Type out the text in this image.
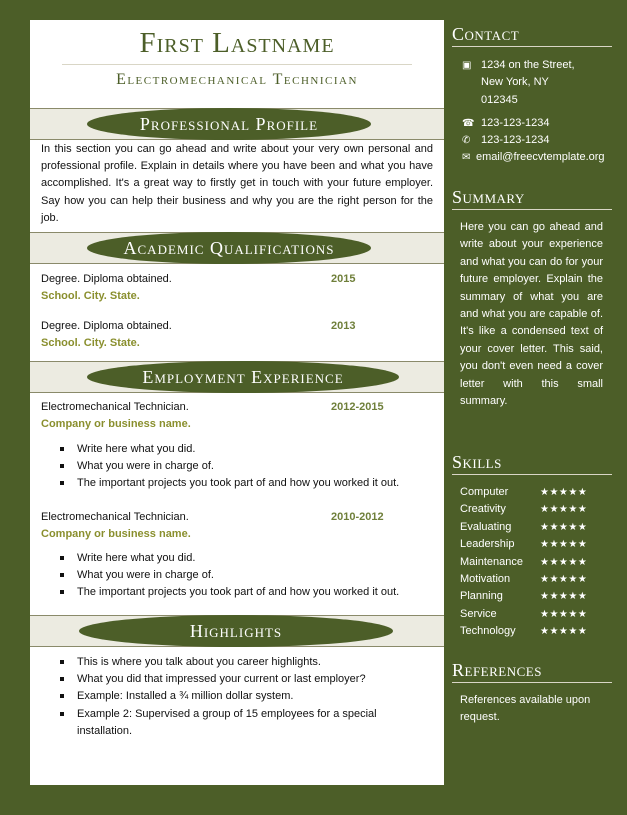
First Lastname
Electromechanical Technician
Professional Profile
In this section you can go ahead and write about your very own personal and professional profile. Explain in details where you have been and what you have accomplished. It's a great way to firstly get in touch with your future employer. Say how you can help their business and why you are the right person for the job.
Academic Qualifications
Degree. Diploma obtained.	2015
School. City. State.
Degree. Diploma obtained.	2013
School. City. State.
Employment Experience
Electromechanical Technician.	2012-2015
Company or business name.
Write here what you did.
What you were in charge of.
The important projects you took part of and how you worked it out.
Electromechanical Technician.	2010-2012
Company or business name.
Write here what you did.
What you were in charge of.
The important projects you took part of and how you worked it out.
Highlights
This is where you talk about you career highlights.
What you did that impressed your current or last employer?
Example: Installed a ¾ million dollar system.
Example 2: Supervised a group of 15 employees for a special installation.
Contact
▣ 1234 on the Street,
New York, NY
012345
☎ 123-123-1234
✆ 123-123-1234
✉ email@freecvtemplate.org
Summary
Here you can go ahead and write about your experience and what you can do for your future employer. Explain the summary of what you are and what you are capable of. It's like a condensed text of your cover letter. This said, you don't even need a cover letter with this small summary.
Skills
Computer	★★★★★
Creativity	★★★★★
Evaluating	★★★★★
Leadership	★★★★★
Maintenance ★★★★★
Motivation	★★★★★
Planning	★★★★★
Service	★★★★★
Technology ★★★★★
References
References available upon request.
